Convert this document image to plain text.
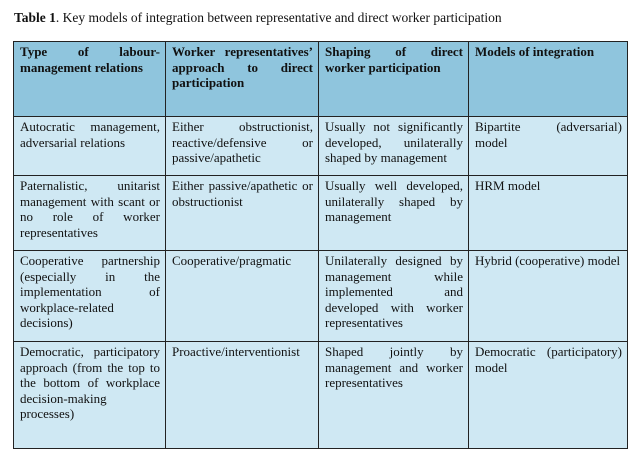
Table 1. Key models of integration between representative and direct worker participation
Type of labour-management relations	Worker representatives’ approach to direct participation	Shaping of direct worker participation	Models of integration
Autocratic management, adversarial relations	Either obstructionist, reactive/defensive or passive/apathetic	Usually not significantly developed, unilaterally shaped by management	Bipartite (adversarial) model
Paternalistic, unitarist management with scant or no role of worker representatives	Either passive/apathetic or obstructionist	Usually well developed, unilaterally shaped by management	HRM model
Cooperative partnership (especially in the implementation of workplace-related decisions)	Cooperative/pragmatic	Unilaterally designed by management while implemented and developed with worker representatives	Hybrid (cooperative) model
Democratic, participatory approach (from the top to the bottom of workplace decision-making processes)	Proactive/interventionist	Shaped jointly by management and worker representatives	Democratic (participatory) model
